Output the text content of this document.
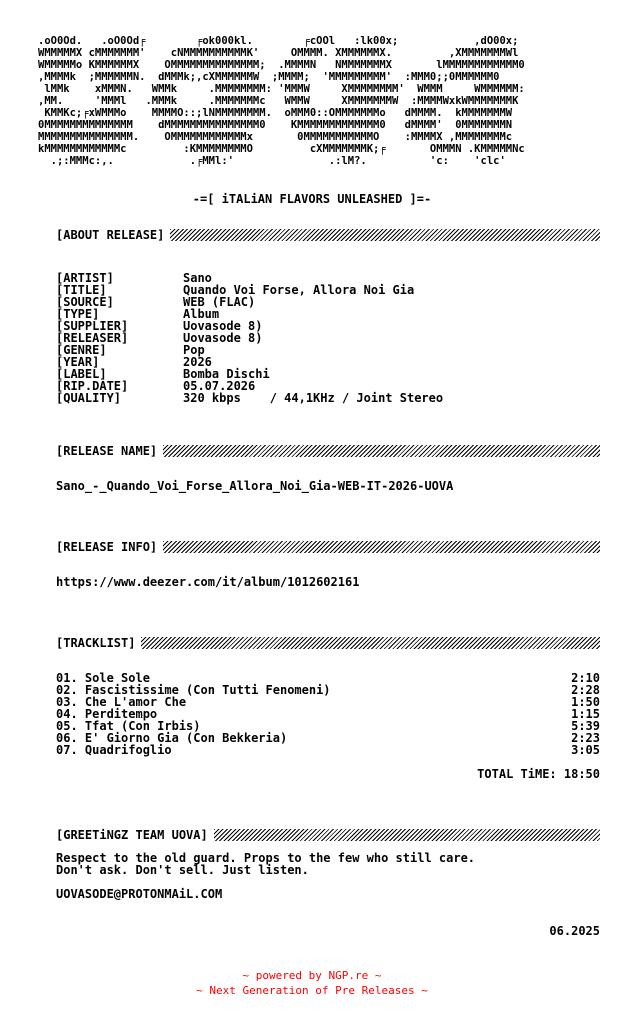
.oO0Od.   .oO0Od╒        ╒ok000kl.        ╒cOOl   :lk00x;            ,dO00x;
WMMMMMX cMMMMMMM'    cNMMMMMMMMMMK'     OMMMM. XMMMMMMX.         ,XMMMMMMMWl
WMMMMMo KMMMMMMX    OMMMMMMMMMMMMMM;  .MMMMN   NMMMMMMMX       lMMMMMMMMMMMM0
,MMMMk  ;MMMMMMN.  dMMMk;,cXMMMMMMW  ;MMMM;  'MMMMMMMMM'  :MMM0;;0MMMMMM0
lMMk    xMMMN.   WMMk     .MMMMMMMM: 'MMMW     XMMMMMMMM'  WMMM     WMMMMMM:
,MM.     'MMMl   .MMMk     .MMMMMMMc   WMMW     XMMMMMMMW  :MMMMWxkWMMMMMMMK
KMMKc;╒xWMMMo    MMMMO::;lNMMMMMMMM.  oMMM0::OMMMMMMMo   dMMMM.  kMMMMMMMW
0MMMMMMMMMMMMMM    dMMMMMMMMMMMMMMM0    KMMMMMMMMMMMMM0   dMMMM'  0MMMMMMMN
MMMMMMMMMMMMMMM.    OMMMMMMMMMMMMx       0MMMMMMMMMMMO    :MMMMX ,MMMMMMMMc
kMMMMMMMMMMMMc         :KMMMMMMMMO         cXMMMMMMMK;╒       OMMMN .KMMMMMNc
.;:MMMc:,.            .╒MMl:'               .:lM?.          'c:    'clc'
-=[ iTALiAN FLAVORS UNLEASHED ]=-
[ABOUT RELEASE]
[ARTIST]	Sano
[TITLE]	Quando Voi Forse, Allora Noi Gia
[SOURCE]	WEB (FLAC)
[TYPE]	Album
[SUPPLIER]	Uovasode 8)
[RELEASER]	Uovasode 8)
[GENRE]	Pop
[YEAR]	2026
[LABEL]	Bomba Dischi
[RIP.DATE]	05.07.2026
[QUALITY]	320 kbps    / 44,1KHz / Joint Stereo
[RELEASE NAME]
Sano_-_Quando_Voi_Forse_Allora_Noi_Gia-WEB-IT-2026-UOVA
[RELEASE INFO]
https://www.deezer.com/it/album/1012602161
[TRACKLIST]
01. Sole Sole	2:10
02. Fascistissime (Con Tutti Fenomeni)	2:28
03. Che L'amor Che	1:50
04. Perditempo	1:15
05. Tfat (Con Irbis)	5:39
06. E' Giorno Gia (Con Bekkeria)	2:23
07. Quadrifoglio	3:05
TOTAL TiME: 18:50
[GREETiNGZ TEAM UOVA]
Respect to the old guard. Props to the few who still care.
Don't ask. Don't sell. Just listen.
UOVASODE@PROTONMAiL.COM
06.2025
~ powered by NGP.re ~
~ Next Generation of Pre Releases ~
